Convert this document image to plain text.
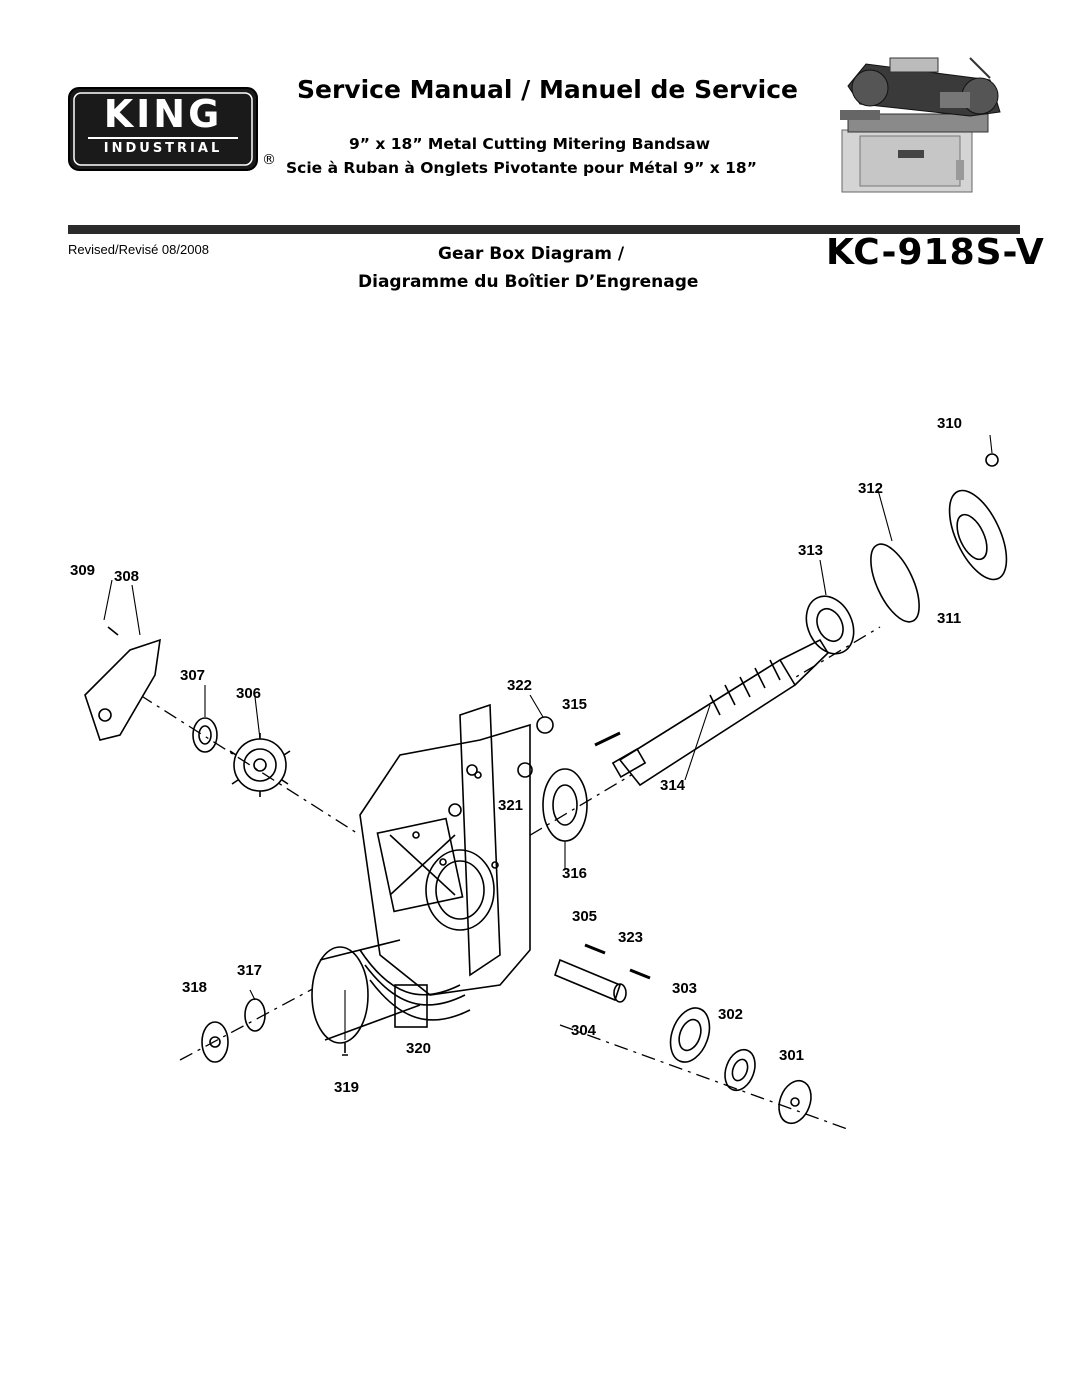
KING
INDUSTRIAL
®
Service Manual / Manuel de Service
9” x 18” Metal Cutting Mitering Bandsaw
Scie à Ruban à Onglets Pivotante pour Métal 9” x 18”
Revised/Revisé 08/2008	Gear Box Diagram /
Diagramme du Boîtier D’Engrenage
KC-918S-V
310
312
313
311
309 308
307
306	322
315
314
321
316
305
323
317
318	303
302
304
320	301
319
